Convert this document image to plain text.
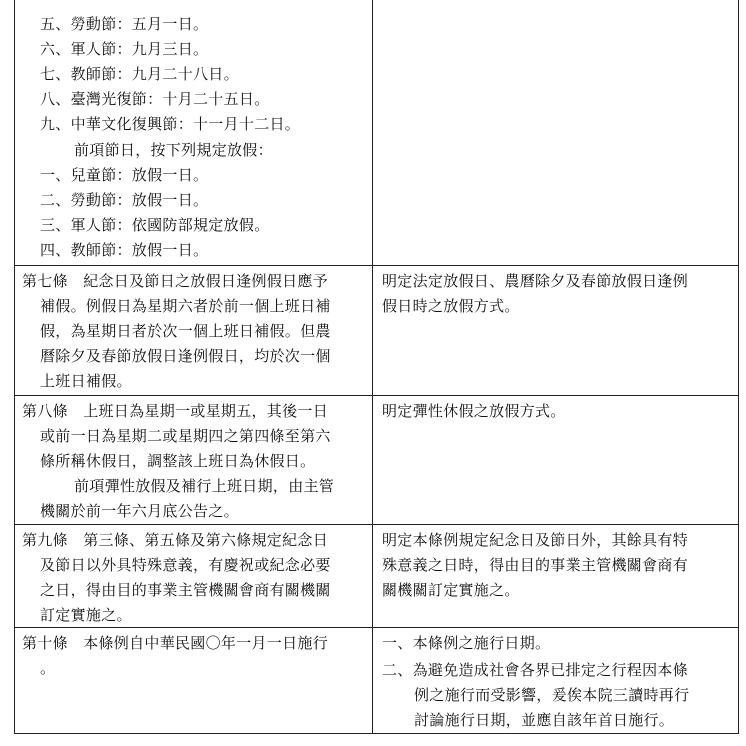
五、勞動節：五月一日。
六、軍人節：九月三日。
七、教師節：九月二十八日。
八、臺灣光復節：十月二十五日。
九、中華文化復興節：十一月十二日。
前項節日，按下列規定放假：
一、兒童節：放假一日。
二、勞動節：放假一日。
三、軍人節：依國防部規定放假。
四、教師節：放假一日。
第七條　紀念日及節日之放假日逢例假日應予
補假。例假日為星期六者於前一個上班日補
假，為星期日者於次一個上班日補假。但農
曆除夕及春節放假日逢例假日，均於次一個
上班日補假。
明定法定放假日、農曆除夕及春節放假日逢例
假日時之放假方式。
第八條　上班日為星期一或星期五，其後一日
或前一日為星期二或星期四之第四條至第六
條所稱休假日，調整該上班日為休假日。
前項彈性放假及補行上班日期，由主管
機關於前一年六月底公告之。
明定彈性休假之放假方式。
第九條　第三條、第五條及第六條規定紀念日
及節日以外具特殊意義，有慶祝或紀念必要
之日，得由目的事業主管機關會商有關機關
訂定實施之。
明定本條例規定紀念日及節日外，其餘具有特
殊意義之日時，得由目的事業主管機關會商有
關機關訂定實施之。
第十條　本條例自中華民國〇年一月一日施行
。
一、本條例之施行日期。
二、為避免造成社會各界已排定之行程因本條
例之施行而受影響，爰俟本院三讀時再行
討論施行日期，並應自該年首日施行。
